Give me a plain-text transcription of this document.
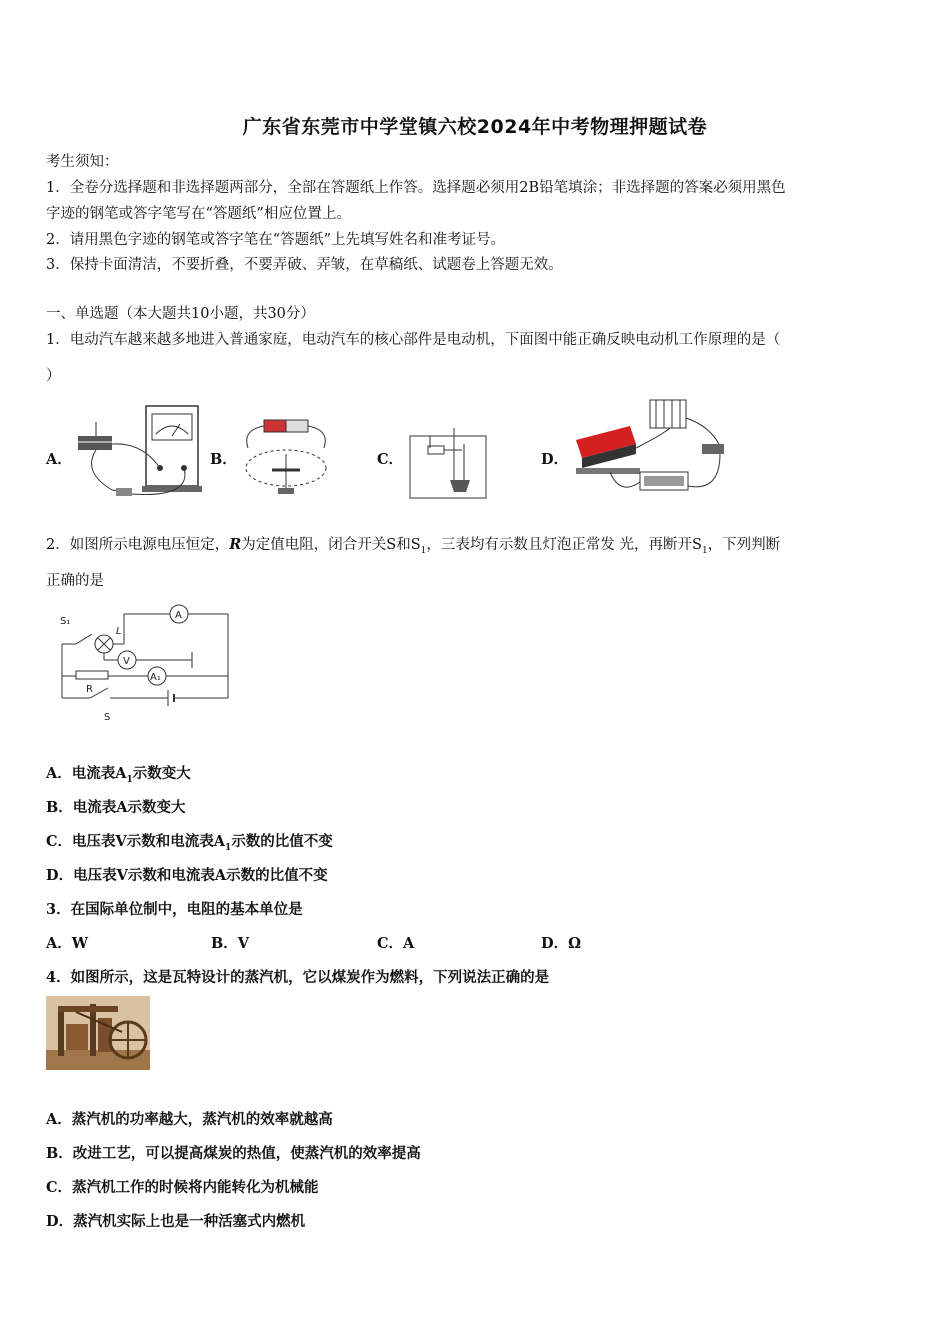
广东省东莞市中学堂镇六校2024年中考物理押题试卷
考生须知：
1．全卷分选择题和非选择题两部分，全部在答题纸上作答。选择题必须用2B铅笔填涂；非选择题的答案必须用黑色
字迹的钢笔或答字笔写在“答题纸”相应位置上。
2．请用黑色字迹的钢笔或答字笔在“答题纸”上先填写姓名和准考证号。
3．保持卡面清洁，不要折叠，不要弄破、弄皱，在草稿纸、试题卷上答题无效。
一、单选题（本大题共10小题，共30分）
1．电动汽车越来越多地进入普通家庭，电动汽车的核心部件是电动机，下面图中能正确反映电动机工作原理的是（
）
A．	B．	C．	D．
2．如图所示电源电压恒定，R为定值电阻，闭合开关S和$S_1$，三表均有示数且灯泡正常发 光，再断开$S_1$，下列判断
正确的是
S₁
L
A
V
A₁
R
S
A．电流表$A_1$示数变大
B．电流表A示数变大
C．电压表V示数和电流表$A_1$示数的比值不变
D．电压表V示数和电流表A示数的比值不变
3．在国际单位制中，电阻的基本单位是
A．W	B．V	C．A	D．Ω
4．如图所示，这是瓦特设计的蒸汽机，它以煤炭作为燃料，下列说法正确的是
A．蒸汽机的功率越大，蒸汽机的效率就越高
B．改进工艺，可以提高煤炭的热值，使蒸汽机的效率提高
C．蒸汽机工作的时候将内能转化为机械能
D．蒸汽机实际上也是一种活塞式内燃机
